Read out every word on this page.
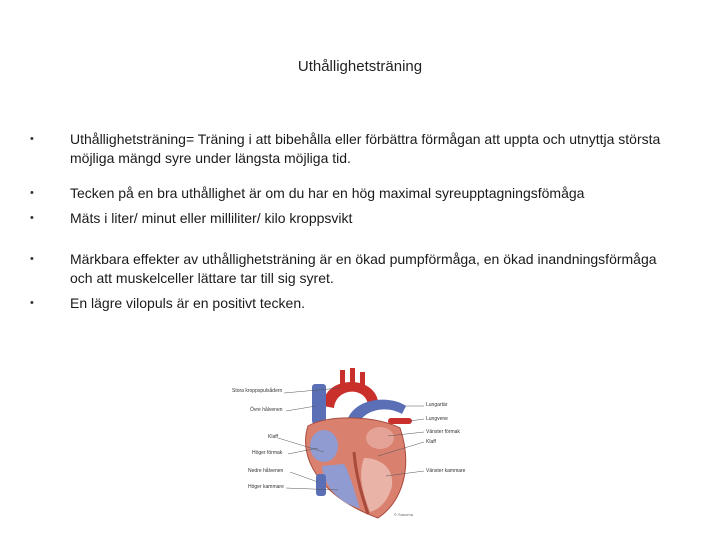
Uthållighetsträning
•	Uthållighetsträning= Träning i att bibehålla eller förbättra förmågan att uppta och utnyttja största möjliga mängd syre under längsta möjliga tid.
•	Tecken på en bra uthållighet är om du har en hög maximal syreupptagningsfömåga
•	Mäts i liter/ minut eller milliliter/ kilo kroppsvikt
•	Märkbara effekter av uthållighetsträning är en ökad pumpförmåga, en ökad inandningsförmåga och att muskelceller lättare tar till sig syret.
•	En lägre vilopuls är en positivt tecken.
Stora kroppspulsådern
Övre hålvenen
Klaff
Höger förmak
Nedre hålvenen
Höger kammare
Lungartär
Lungvene
Vänster förmak
Klaff
Vänster kammare
© Sanoma
